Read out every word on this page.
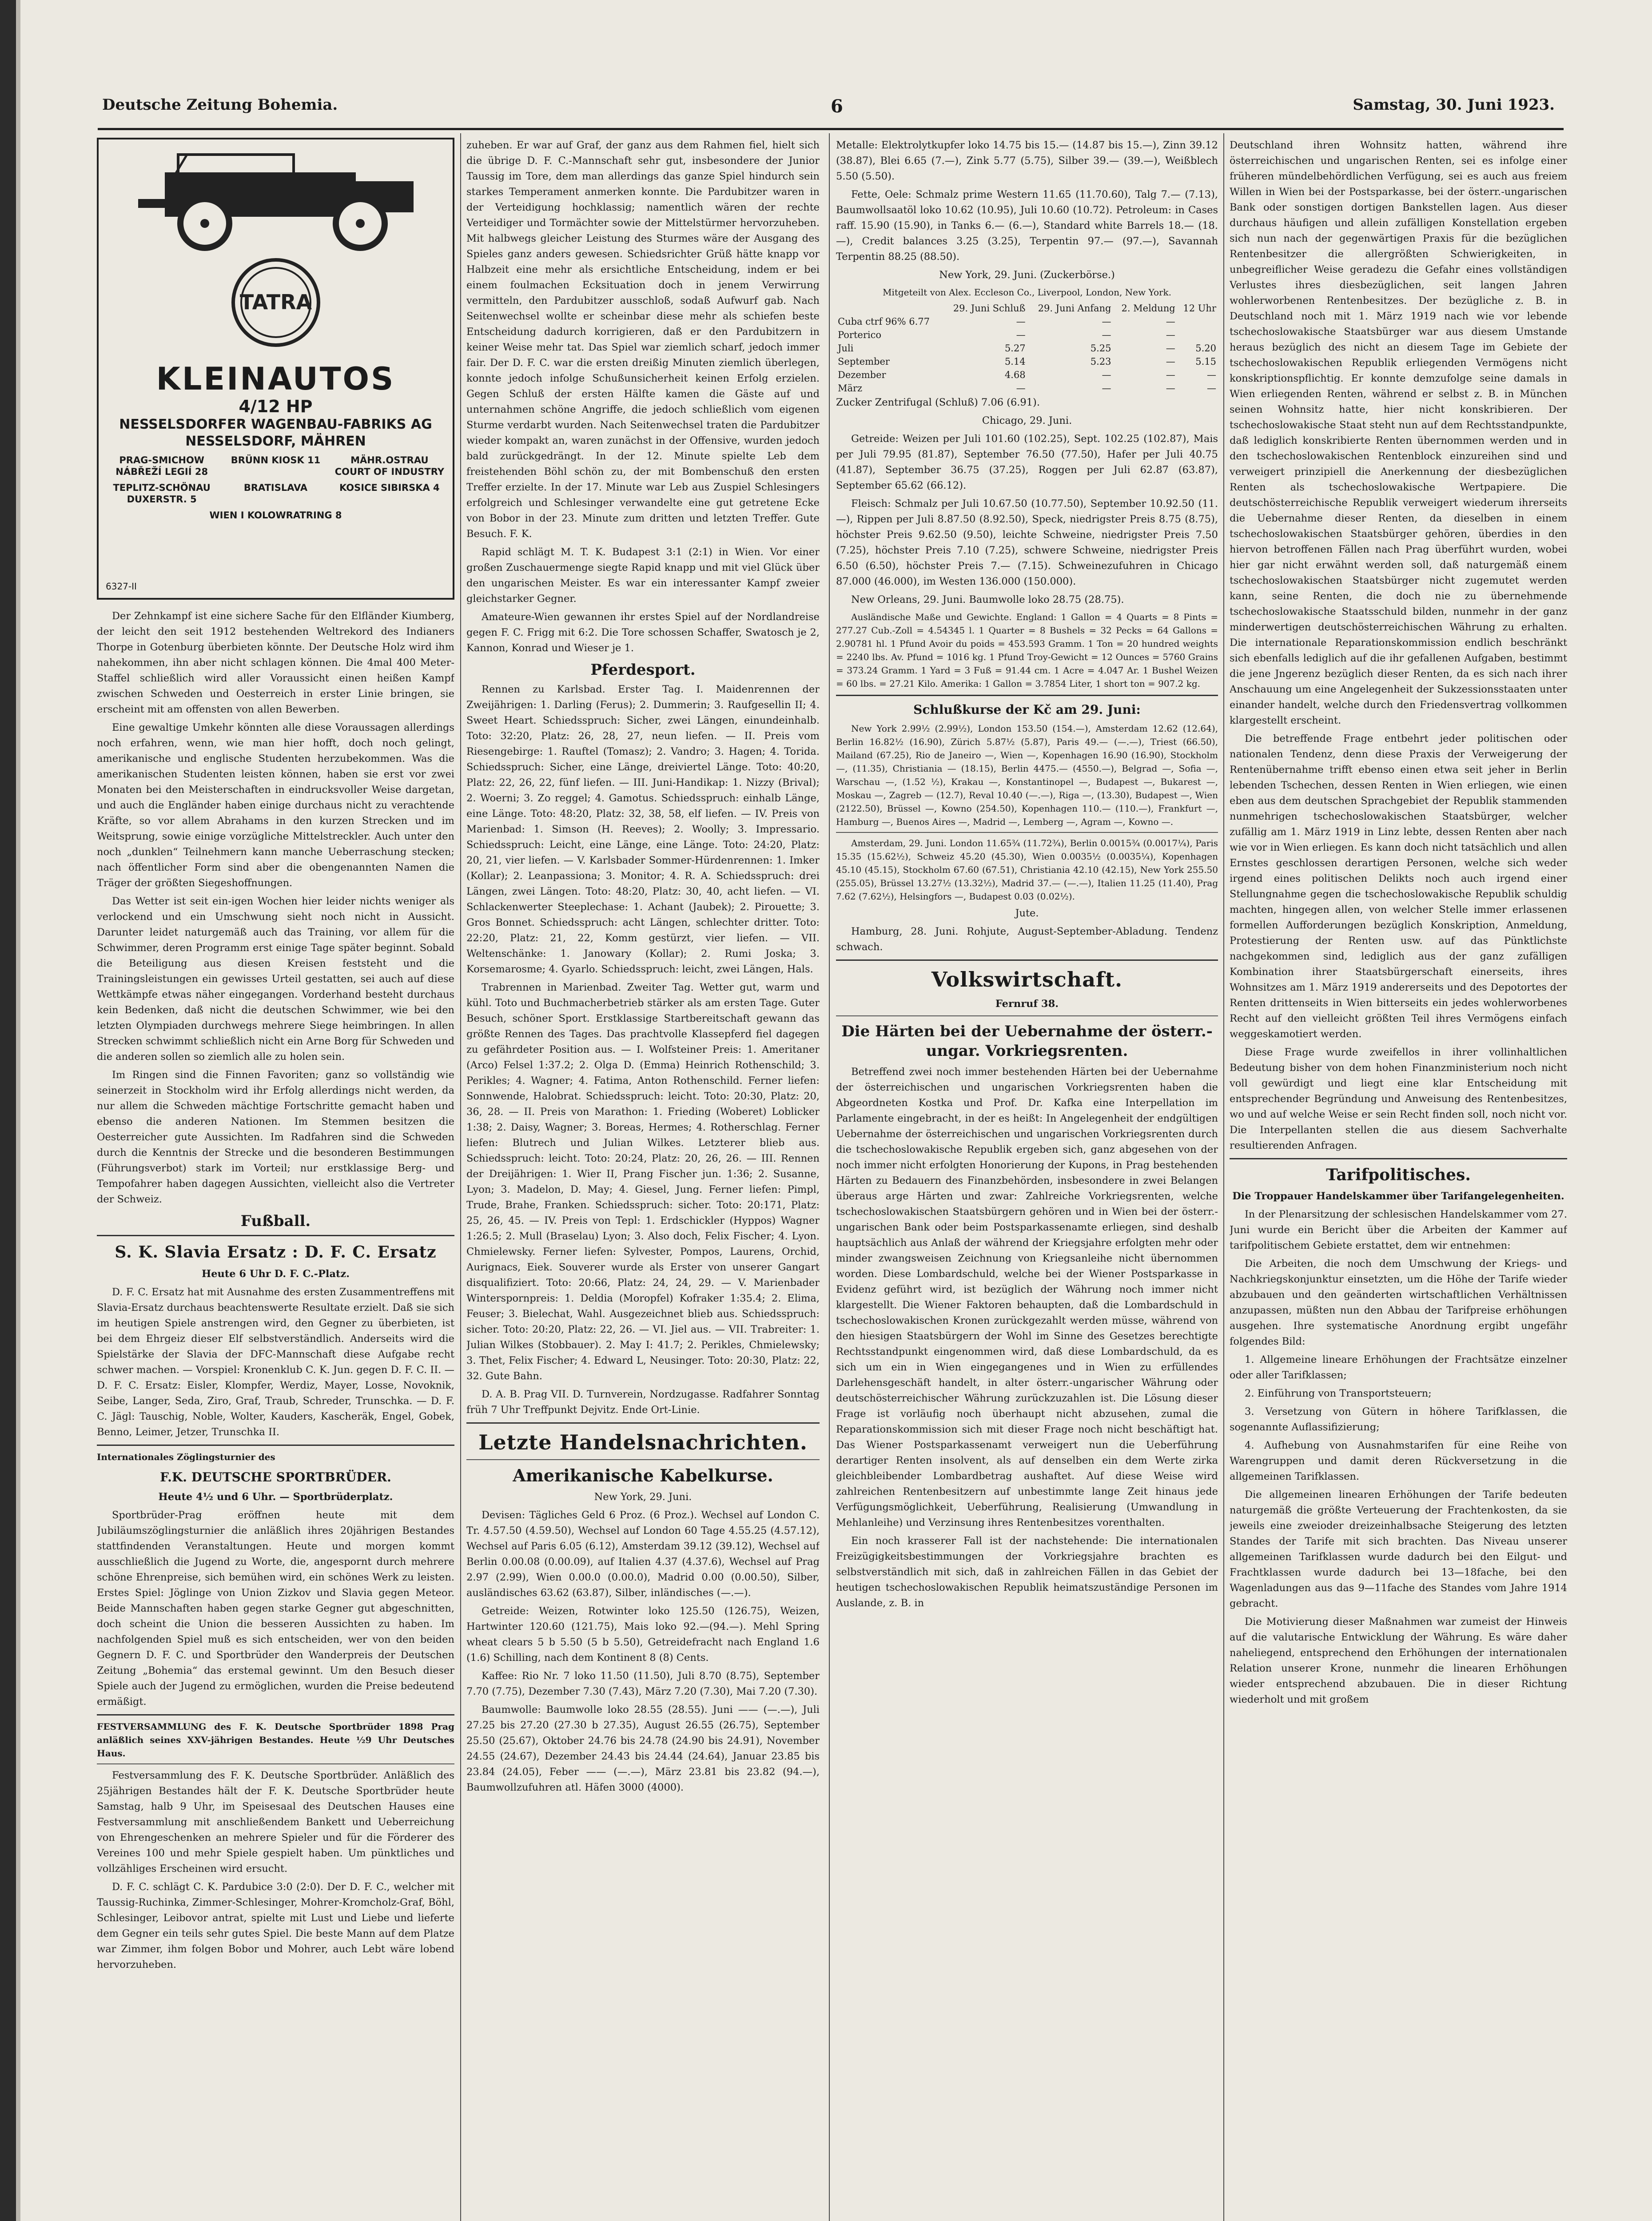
Deutsche Zeitung Bohemia.	6	Samstag, 30. Juni 1923.
TATRA
KLEINAUTOS
4/12 HP
NESSELSDORFER WAGENBAU-FABRIKS AG
NESSELSDORF, MÄHREN
PRAG-SMICHOW NÁBŘEŽÍ LEGIÍ 28
BRÜNN KIOSK 11	MÄHR.OSTRAU COURT OF INDUSTRY
TEPLITZ-SCHÖNAU DUXERSTR. 5
BRATISLAVA	KOSICE SIBIRSKA 4
WIEN I KOLOWRATRING 8
6327-II

Der Zehnkampf ist eine sichere Sache für den Elfländer Kiumberg, der leicht den seit 1912 bestehenden Weltrekord des Indianers Thorpe in Gotenburg überbieten könnte. Der Deutsche Holz wird ihm nahekommen, ihn aber nicht schlagen können. Die 4mal 400 Meter-Staffel schließlich wird aller Voraussicht einen heißen Kampf zwischen Schweden und Oesterreich in erster Linie bringen, sie erscheint mit am offensten von allen Bewerben.

Eine gewaltige Umkehr könnten alle diese Voraussagen allerdings noch erfahren, wenn, wie man hier hofft, doch noch gelingt, amerikanische und englische Studenten herzubekommen. Was die amerikanischen Studenten leisten können, haben sie erst vor zwei Monaten bei den Meisterschaften in eindrucksvoller Weise dargetan, und auch die Engländer haben einige durchaus nicht zu verachtende Kräfte, so vor allem Abrahams in den kurzen Strecken und im Weitsprung, sowie einige vorzügliche Mittelstreckler. Auch unter den noch „dunklen“ Teilnehmern kann manche Ueberraschung stecken; nach öffentlicher Form sind aber die obengenannten Namen die Träger der größten Siegeshoffnungen.

Das Wetter ist seit ein-igen Wochen hier leider nichts weniger als verlockend und ein Umschwung sieht noch nicht in Aussicht. Darunter leidet naturgemäß auch das Training, vor allem für die Schwimmer, deren Programm erst einige Tage später beginnt. Sobald die Beteiligung aus diesen Kreisen feststeht und die Trainingsleistungen ein gewisses Urteil gestatten, sei auch auf diese Wettkämpfe etwas näher eingegangen. Vorderhand besteht durchaus kein Bedenken, daß nicht die deutschen Schwimmer, wie bei den letzten Olympiaden durchwegs mehrere Siege heimbringen. In allen Strecken schwimmt schließlich nicht ein Arne Borg für Schweden und die anderen sollen so ziemlich alle zu holen sein.

Im Ringen sind die Finnen Favoriten; ganz so vollständig wie seinerzeit in Stockholm wird ihr Erfolg allerdings nicht werden, da nur allem die Schweden mächtige Fortschritte gemacht haben und ebenso die anderen Nationen. Im Stemmen besitzen die Oesterreicher gute Aussichten. Im Radfahren sind die Schweden durch die Kenntnis der Strecke und die besonderen Bestimmungen (Führungsverbot) stark im Vorteil; nur erstklassige Berg- und Tempofahrer haben dagegen Aussichten, vielleicht also die Vertreter der Schweiz.

Fußball.
S. K. Slavia Ersatz : D. F. C. Ersatz

Heute 6 Uhr D. F. C.-Platz.

D. F. C. Ersatz hat mit Ausnahme des ersten Zusammentreffens mit Slavia-Ersatz durchaus beachtenswerte Resultate erzielt. Daß sie sich im heutigen Spiele anstrengen wird, den Gegner zu überbieten, ist bei dem Ehrgeiz dieser Elf selbstverständlich. Anderseits wird die Spielstärke der Slavia der DFC-Mannschaft diese Aufgabe recht schwer machen. — Vorspiel: Kronenklub C. K. Jun. gegen D. F. C. II. — D. F. C. Ersatz: Eisler, Klompfer, Werdiz, Mayer, Losse, Novoknik, Seibe, Langer, Seda, Ziro, Graf, Traub, Schreder, Trunschka. — D. F. C. Jägl: Tauschig, Noble, Wolter, Kauders, Kascheräk, Engel, Gobek, Benno, Leimer, Jetzer, Trunschka II.

Internationales Zöglingsturnier des

F.K. DEUTSCHE SPORTBRÜDER.

Heute 4½ und 6 Uhr. — Sportbrüderplatz.

Sportbrüder-Prag eröffnen heute mit dem Jubiläumszöglingsturnier die anläßlich ihres 20jährigen Bestandes stattfindenden Veranstaltungen. Heute und morgen kommt ausschließlich die Jugend zu Worte, die, angespornt durch mehrere schöne Ehrenpreise, sich bemühen wird, ein schönes Werk zu leisten. Erstes Spiel: Jöglinge von Union Zizkov und Slavia gegen Meteor. Beide Mannschaften haben gegen starke Gegner gut abgeschnitten, doch scheint die Union die besseren Aussichten zu haben. Im nachfolgenden Spiel muß es sich entscheiden, wer von den beiden Gegnern D. F. C. und Sportbrüder den Wanderpreis der Deutschen Zeitung „Bohemia“ das erstemal gewinnt. Um den Besuch dieser Spiele auch der Jugend zu ermöglichen, wurden die Preise bedeutend ermäßigt.

FESTVERSAMMLUNG des F. K. Deutsche Sportbrüder 1898 Prag anläßlich seines XXV-jährigen Bestandes. Heute ½9 Uhr Deutsches Haus.

Festversammlung des F. K. Deutsche Sportbrüder. Anläßlich des 25jährigen Bestandes hält der F. K. Deutsche Sportbrüder heute Samstag, halb 9 Uhr, im Speisesaal des Deutschen Hauses eine Festversammlung mit anschließendem Bankett und Ueberreichung von Ehrengeschenken an mehrere Spieler und für die Förderer des Vereines 100 und mehr Spiele gespielt haben. Um pünktliches und vollzähliges Erscheinen wird ersucht.

D. F. C. schlägt C. K. Pardubice 3:0 (2:0). Der D. F. C., welcher mit Taussig-Ruchinka, Zimmer-Schlesinger, Mohrer-Kromcholz-Graf, Böhl, Schlesinger, Leibovor antrat, spielte mit Lust und Liebe und lieferte dem Gegner ein teils sehr gutes Spiel. Die beste Mann auf dem Platze war Zimmer, ihm folgen Bobor und Mohrer, auch Lebt wäre lobend hervorzuheben.

zuheben. Er war auf Graf, der ganz aus dem Rahmen fiel, hielt sich die übrige D. F. C.-Mannschaft sehr gut, insbesondere der Junior Taussig im Tore, dem man allerdings das ganze Spiel hindurch sein starkes Temperament anmerken konnte. Die Pardubitzer waren in der Verteidigung hochklassig; namentlich wären der rechte Verteidiger und Tormächter sowie der Mittelstürmer hervorzuheben. Mit halbwegs gleicher Leistung des Sturmes wäre der Ausgang des Spieles ganz anders gewesen. Schiedsrichter Grüß hätte knapp vor Halbzeit eine mehr als ersichtliche Entscheidung, indem er bei einem foulmachen Ecksituation doch in jenem Verwirrung vermitteln, den Pardubitzer ausschloß, sodaß Aufwurf gab. Nach Seitenwechsel wollte er scheinbar diese mehr als schiefen beste Entscheidung dadurch korrigieren, daß er den Pardubitzern in keiner Weise mehr tat. Das Spiel war ziemlich scharf, jedoch immer fair. Der D. F. C. war die ersten dreißig Minuten ziemlich überlegen, konnte jedoch infolge Schußunsicherheit keinen Erfolg erzielen. Gegen Schluß der ersten Hälfte kamen die Gäste auf und unternahmen schöne Angriffe, die jedoch schließlich vom eigenen Sturme verdarbt wurden. Nach Seitenwechsel traten die Pardubitzer wieder kompakt an, waren zunächst in der Offensive, wurden jedoch bald zurückgedrängt. In der 12. Minute spielte Leb dem freistehenden Böhl schön zu, der mit Bombenschuß den ersten Treffer erzielte. In der 17. Minute war Leb aus Zuspiel Schlesingers erfolgreich und Schlesinger verwandelte eine gut getretene Ecke von Bobor in der 23. Minute zum dritten und letzten Treffer. Gute Besuch. F. K.

Rapid schlägt M. T. K. Budapest 3:1 (2:1) in Wien. Vor einer großen Zuschauermenge siegte Rapid knapp und mit viel Glück über den ungarischen Meister. Es war ein interessanter Kampf zweier gleichstarker Gegner.

Amateure-Wien gewannen ihr erstes Spiel auf der Nordlandreise gegen F. C. Frigg mit 6:2. Die Tore schossen Schaffer, Swatosch je 2, Kannon, Konrad und Wieser je 1.

Pferdesport.

Rennen zu Karlsbad. Erster Tag. I. Maidenrennen der Zweijährigen: 1. Darling (Ferus); 2. Dummerin; 3. Raufgesellin II; 4. Sweet Heart. Schiedsspruch: Sicher, zwei Längen, einundeinhalb. Toto: 32:20, Platz: 26, 28, 27, neun liefen. — II. Preis vom Riesengebirge: 1. Rauftel (Tomasz); 2. Vandro; 3. Hagen; 4. Torida. Schiedsspruch: Sicher, eine Länge, dreiviertel Länge. Toto: 40:20, Platz: 22, 26, 22, fünf liefen. — III. Juni-Handikap: 1. Nizzy (Brival); 2. Woerni; 3. Zo reggel; 4. Gamotus. Schiedsspruch: einhalb Länge, eine Länge. Toto: 48:20, Platz: 32, 38, 58, elf liefen. — IV. Preis von Marienbad: 1. Simson (H. Reeves); 2. Woolly; 3. Impressario. Schiedsspruch: Leicht, eine Länge, eine Länge. Toto: 24:20, Platz: 20, 21, vier liefen. — V. Karlsbader Sommer-Hürdenrennen: 1. Imker (Kollar); 2. Leanpassiona; 3. Monitor; 4. R. A. Schiedsspruch: drei Längen, zwei Längen. Toto: 48:20, Platz: 30, 40, acht liefen. — VI. Schlackenwerter Steeplechase: 1. Achant (Jaubek); 2. Pirouette; 3. Gros Bonnet. Schiedsspruch: acht Längen, schlechter dritter. Toto: 22:20, Platz: 21, 22, Komm gestürzt, vier liefen. — VII. Weltenschänke: 1. Janowary (Kollar); 2. Rumi Joska; 3. Korsemarosme; 4. Gyarlo. Schiedsspruch: leicht, zwei Längen, Hals.

Trabrennen in Marienbad. Zweiter Tag. Wetter gut, warm und kühl. Toto und Buchmacherbetrieb stärker als am ersten Tage. Guter Besuch, schöner Sport. Erstklassige Startbereitschaft gewann das größte Rennen des Tages. Das prachtvolle Klassepferd fiel dagegen zu gefährdeter Position aus. — I. Wolfsteiner Preis: 1. Ameritaner (Arco) Felsel 1:37.2; 2. Olga D. (Emma) Heinrich Rothenschild; 3. Perikles; 4. Wagner; 4. Fatima, Anton Rothenschild. Ferner liefen: Sonnwende, Halobrat. Schiedsspruch: leicht. Toto: 20:30, Platz: 20, 36, 28. — II. Preis von Marathon: 1. Frieding (Woberet) Loblicker 1:38; 2. Daisy, Wagner; 3. Boreas, Hermes; 4. Rotherschlag. Ferner liefen: Blutrech und Julian Wilkes. Letzterer blieb aus. Schiedsspruch: leicht. Toto: 20:24, Platz: 20, 26, 26. — III. Rennen der Dreijährigen: 1. Wier II, Prang Fischer jun. 1:36; 2. Susanne, Lyon; 3. Madelon, D. May; 4. Giesel, Jung. Ferner liefen: Pimpl, Trude, Brahe, Franken. Schiedsspruch: sicher. Toto: 20:171, Platz: 25, 26, 45. — IV. Preis von Tepl: 1. Erdschickler (Hyppos) Wagner 1:26.5; 2. Mull (Braselau) Lyon; 3. Also doch, Felix Fischer; 4. Lyon. Chmielewsky. Ferner liefen: Sylvester, Pompos, Laurens, Orchid, Aurignacs, Eiek. Souverer wurde als Erster von unserer Gangart disqualifiziert. Toto: 20:66, Platz: 24, 24, 29. — V. Marienbader Winterspornpreis: 1. Deldia (Moropfel) Kofraker 1:35.4; 2. Elima, Feuser; 3. Bielechat, Wahl. Ausgezeichnet blieb aus. Schiedsspruch: sicher. Toto: 20:20, Platz: 22, 26. — VI. Jiel aus. — VII. Trabreiter: 1. Julian Wilkes (Stobbauer). 2. May I: 41.7; 2. Perikles, Chmielewsky; 3. Thet, Felix Fischer; 4. Edward L, Neusinger. Toto: 20:30, Platz: 22, 32. Gute Bahn.

D. A. B. Prag VII. D. Turnverein, Nordzugasse. Radfahrer Sonntag früh 7 Uhr Treffpunkt Dejvitz. Ende Ort-Linie.

Letzte Handelsnachrichten.
Amerikanische Kabelkurse.

New York, 29. Juni.

Devisen: Tägliches Geld 6 Proz. (6 Proz.). Wechsel auf London C. Tr. 4.57.50 (4.59.50), Wechsel auf London 60 Tage 4.55.25 (4.57.12), Wechsel auf Paris 6.05 (6.12), Amsterdam 39.12 (39.12), Wechsel auf Berlin 0.00.08 (0.00.09), auf Italien 4.37 (4.37.6), Wechsel auf Prag 2.97 (2.99), Wien 0.00.0 (0.00.0), Madrid 0.00 (0.00.50), Silber, ausländisches 63.62 (63.87), Silber, inländisches (—.—).

Getreide: Weizen, Rotwinter loko 125.50 (126.75), Weizen, Hartwinter 120.60 (121.75), Mais loko 92.—(94.—). Mehl Spring wheat clears 5 b 5.50 (5 b 5.50), Getreidefracht nach England 1.6 (1.6) Schilling, nach dem Kontinent 8 (8) Cents.

Kaffee: Rio Nr. 7 loko 11.50 (11.50), Juli 8.70 (8.75), September 7.70 (7.75), Dezember 7.30 (7.43), März 7.20 (7.30), Mai 7.20 (7.30).

Baumwolle: Baumwolle loko 28.55 (28.55). Juni —— (—.—), Juli 27.25 bis 27.20 (27.30 b 27.35), August 26.55 (26.75), September 25.50 (25.67), Oktober 24.76 bis 24.78 (24.90 bis 24.91), November 24.55 (24.67), Dezember 24.43 bis 24.44 (24.64), Januar 23.85 bis 23.84 (24.05), Feber —— (—.—), März 23.81 bis 23.82 (94.—), Baumwollzufuhren atl. Häfen 3000 (4000).

Metalle: Elektrolytkupfer loko 14.75 bis 15.— (14.87 bis 15.—), Zinn 39.12 (38.87), Blei 6.65 (7.—), Zink 5.77 (5.75), Silber 39.— (39.—), Weißblech 5.50 (5.50).

Fette, Oele: Schmalz prime Western 11.65 (11.70.60), Talg 7.— (7.13), Baumwollsaatöl loko 10.62 (10.95), Juli 10.60 (10.72). Petroleum: in Cases raff. 15.90 (15.90), in Tanks 6.— (6.—), Standard white Barrels 18.— (18.—), Credit balances 3.25 (3.25), Terpentin 97.— (97.—), Savannah Terpentin 88.25 (88.50).

New York, 29. Juni. (Zuckerbörse.)

Mitgeteilt von Alex. Eccleson Co., Liverpool, London, New York.

	29. Juni Schluß	29. Juni Anfang	2. Meldung	12 Uhr
Cuba ctrf 96% 6.77	—	—	—	
Porterico	—	—	—	
Juli	5.27	5.25	—	5.20
September	5.14	5.23	—	5.15
Dezember	4.68	—	—	—
März	—	—	—	—

Zucker Zentrifugal (Schluß) 7.06 (6.91).

Chicago, 29. Juni.

Getreide: Weizen per Juli 101.60 (102.25), Sept. 102.25 (102.87), Mais per Juli 79.95 (81.87), September 76.50 (77.50), Hafer per Juli 40.75 (41.87), September 36.75 (37.25), Roggen per Juli 62.87 (63.87), September 65.62 (66.12).

Fleisch: Schmalz per Juli 10.67.50 (10.77.50), September 10.92.50 (11.—), Rippen per Juli 8.87.50 (8.92.50), Speck, niedrigster Preis 8.75 (8.75), höchster Preis 9.62.50 (9.50), leichte Schweine, niedrigster Preis 7.50 (7.25), höchster Preis 7.10 (7.25), schwere Schweine, niedrigster Preis 6.50 (6.50), höchster Preis 7.— (7.15). Schweinezufuhren in Chicago 87.000 (46.000), im Westen 136.000 (150.000).

New Orleans, 29. Juni. Baumwolle loko 28.75 (28.75).

Ausländische Maße und Gewichte. England: 1 Gallon = 4 Quarts = 8 Pints = 277.27 Cub.-Zoll = 4.54345 l. 1 Quarter = 8 Bushels = 32 Pecks = 64 Gallons = 2.90781 hl. 1 Pfund Avoir du poids = 453.593 Gramm. 1 Ton = 20 hundred weights = 2240 lbs. Av. Pfund = 1016 kg. 1 Pfund Troy-Gewicht = 12 Ounces = 5760 Grains = 373.24 Gramm. 1 Yard = 3 Fuß = 91.44 cm. 1 Acre = 4.047 Ar. 1 Bushel Weizen = 60 lbs. = 27.21 Kilo. Amerika: 1 Gallon = 3.7854 Liter, 1 short ton = 907.2 kg.

Schlußkurse der Kč am 29. Juni:

New York 2.99½ (2.99½), London 153.50 (154.—), Amsterdam 12.62 (12.64), Berlin 16.82½ (16.90), Zürich 5.87½ (5.87), Paris 49.— (—.—), Triest (66.50), Mailand (67.25), Rio de Janeiro —, Wien —, Kopenhagen 16.90 (16.90), Stockholm —, (11.35), Christiania — (18.15), Berlin 4475.— (4550.—), Belgrad —, Sofia —, Warschau —, (1.52 ½), Krakau —, Konstantinopel —, Budapest —, Bukarest —, Moskau —, Zagreb — (12.7), Reval 10.40 (—.—), Riga —, (13.30), Budapest —, Wien (2122.50), Brüssel —, Kowno (254.50), Kopenhagen 110.— (110.—), Frankfurt —, Hamburg —, Buenos Aires —, Madrid —, Lemberg —, Agram —, Kowno —.

Amsterdam, 29. Juni. London 11.65¾ (11.72¾), Berlin 0.0015¾ (0.0017¼), Paris 15.35 (15.62½), Schweiz 45.20 (45.30), Wien 0.0035½ (0.0035¼), Kopenhagen 45.10 (45.15), Stockholm 67.60 (67.51), Christiania 42.10 (42.15), New York 255.50 (255.05), Brüssel 13.27½ (13.32½), Madrid 37.— (—.—), Italien 11.25 (11.40), Prag 7.62 (7.62½), Helsingfors —, Budapest 0.03 (0.02½).

Jute.

Hamburg, 28. Juni. Rohjute, August-September-Abladung. Tendenz schwach.

Volkswirtschaft.

Fernruf 38.

Die Härten bei der Uebernahme der österr.-ungar. Vorkriegsrenten.

Betreffend zwei noch immer bestehenden Härten bei der Uebernahme der österreichischen und ungarischen Vorkriegsrenten haben die Abgeordneten Kostka und Prof. Dr. Kafka eine Interpellation im Parlamente eingebracht, in der es heißt: In Angelegenheit der endgültigen Uebernahme der österreichischen und ungarischen Vorkriegsrenten durch die tschechoslowakische Republik ergeben sich, ganz abgesehen von der noch immer nicht erfolgten Honorierung der Kupons, in Prag bestehenden Härten zu Bedauern des Finanzbehörden, insbesondere in zwei Belangen überaus arge Härten und zwar: Zahlreiche Vorkriegsrenten, welche tschechoslowakischen Staatsbürgern gehören und in Wien bei der österr.-ungarischen Bank oder beim Postsparkassenamte erliegen, sind deshalb hauptsächlich aus Anlaß der während der Kriegsjahre erfolgten mehr oder minder zwangsweisen Zeichnung von Kriegsanleihe nicht übernommen worden. Diese Lombardschuld, welche bei der Wiener Postsparkasse in Evidenz geführt wird, ist bezüglich der Währung noch immer nicht klargestellt. Die Wiener Faktoren behaupten, daß die Lombardschuld in tschechoslowakischen Kronen zurückgezahlt werden müsse, während von den hiesigen Staatsbürgern der Wohl im Sinne des Gesetzes berechtigte Rechtsstandpunkt eingenommen wird, daß diese Lombardschuld, da es sich um ein in Wien eingegangenes und in Wien zu erfüllendes Darlehensgeschäft handelt, in alter österr.-ungarischer Währung oder deutschösterreichischer Währung zurückzuzahlen ist. Die Lösung dieser Frage ist vorläufig noch überhaupt nicht abzusehen, zumal die Reparationskommission sich mit dieser Frage noch nicht beschäftigt hat. Das Wiener Postsparkassenamt verweigert nun die Ueberführung derartiger Renten insolvent, als auf denselben ein dem Werte zirka gleichbleibender Lombardbetrag aushaftet. Auf diese Weise wird zahlreichen Rentenbesitzern auf unbestimmte lange Zeit hinaus jede Verfügungsmöglichkeit, Ueberführung, Realisierung (Umwandlung in Mehlanleihe) und Verzinsung ihres Rentenbesitzes vorenthalten.

Ein noch krasserer Fall ist der nachstehende: Die internationalen Freizügigkeitsbestimmungen der Vorkriegsjahre brachten es selbstverständlich mit sich, daß in zahlreichen Fällen in das Gebiet der heutigen tschechoslowakischen Republik heimatszuständige Personen im Auslande, z. B. in

Deutschland ihren Wohnsitz hatten, während ihre österreichischen und ungarischen Renten, sei es infolge einer früheren mündelbehördlichen Verfügung, sei es auch aus freiem Willen in Wien bei der Postsparkasse, bei der österr.-ungarischen Bank oder sonstigen dortigen Bankstellen lagen. Aus dieser durchaus häufigen und allein zufälligen Konstellation ergeben sich nun nach der gegenwärtigen Praxis für die bezüglichen Rentenbesitzer die allergrößten Schwierigkeiten, in unbegreiflicher Weise geradezu die Gefahr eines vollständigen Verlustes ihres diesbezüglichen, seit langen Jahren wohlerworbenen Rentenbesitzes. Der bezügliche z. B. in Deutschland noch mit 1. März 1919 nach wie vor lebende tschechoslowakische Staatsbürger war aus diesem Umstande heraus bezüglich des nicht an diesem Tage im Gebiete der tschechoslowakischen Republik erliegenden Vermögens nicht konskriptionspflichtig. Er konnte demzufolge seine damals in Wien erliegenden Renten, während er selbst z. B. in München seinen Wohnsitz hatte, hier nicht konskribieren. Der tschechoslowakische Staat steht nun auf dem Rechtsstandpunkte, daß lediglich konskribierte Renten übernommen werden und in den tschechoslowakischen Rentenblock einzureihen sind und verweigert prinzipiell die Anerkennung der diesbezüglichen Renten als tschechoslowakische Wertpapiere. Die deutschösterreichische Republik verweigert wiederum ihrerseits die Uebernahme dieser Renten, da dieselben in einem tschechoslowakischen Staatsbürger gehören, überdies in den hiervon betroffenen Fällen nach Prag überführt wurden, wobei hier gar nicht erwähnt werden soll, daß naturgemäß einem tschechoslowakischen Staatsbürger nicht zugemutet werden kann, seine Renten, die doch nie zu übernehmende tschechoslowakische Staatsschuld bilden, nunmehr in der ganz minderwertigen deutschösterreichischen Währung zu erhalten. Die internationale Reparationskommission endlich beschränkt sich ebenfalls lediglich auf die ihr gefallenen Aufgaben, bestimmt die jene Jngerenz bezüglich dieser Renten, da es sich nach ihrer Anschauung um eine Angelegenheit der Sukzessionsstaaten unter einander handelt, welche durch den Friedensvertrag vollkommen klargestellt erscheint.

Die betreffende Frage entbehrt jeder politischen oder nationalen Tendenz, denn diese Praxis der Verweigerung der Rentenübernahme trifft ebenso einen etwa seit jeher in Berlin lebenden Tschechen, dessen Renten in Wien erliegen, wie einen eben aus dem deutschen Sprachgebiet der Republik stammenden nunmehrigen tschechoslowakischen Staatsbürger, welcher zufällig am 1. März 1919 in Linz lebte, dessen Renten aber nach wie vor in Wien erliegen. Es kann doch nicht tatsächlich und allen Ernstes geschlossen derartigen Personen, welche sich weder irgend eines politischen Delikts noch auch irgend einer Stellungnahme gegen die tschechoslowakische Republik schuldig machten, hingegen allen, von welcher Stelle immer erlassenen formellen Aufforderungen bezüglich Konskription, Anmeldung, Protestierung der Renten usw. auf das Pünktlichste nachgekommen sind, lediglich aus der ganz zufälligen Kombination ihrer Staatsbürgerschaft einerseits, ihres Wohnsitzes am 1. März 1919 andererseits und des Depotortes der Renten drittenseits in Wien bitterseits ein jedes wohlerworbenes Recht auf den vielleicht größten Teil ihres Vermögens einfach weggeskamotiert werden.

Diese Frage wurde zweifellos in ihrer vollinhaltlichen Bedeutung bisher von dem hohen Finanzministerium noch nicht voll gewürdigt und liegt eine klar Entscheidung mit entsprechender Begründung und Anweisung des Rentenbesitzes, wo und auf welche Weise er sein Recht finden soll, noch nicht vor. Die Interpellanten stellen die aus diesem Sachverhalte resultierenden Anfragen.

Tarifpolitisches.

Die Troppauer Handelskammer über Tarifangelegenheiten.

In der Plenarsitzung der schlesischen Handelskammer vom 27. Juni wurde ein Bericht über die Arbeiten der Kammer auf tarifpolitischem Gebiete erstattet, dem wir entnehmen:

Die Arbeiten, die noch dem Umschwung der Kriegs- und Nachkriegskonjunktur einsetzten, um die Höhe der Tarife wieder abzubauen und den geänderten wirtschaftlichen Verhältnissen anzupassen, müßten nun den Abbau der Tarifpreise erhöhungen ausgehen. Ihre systematische Anordnung ergibt ungefähr folgendes Bild:

1. Allgemeine lineare Erhöhungen der Frachtsätze einzelner oder aller Tarifklassen;

2. Einführung von Transportsteuern;

3. Versetzung von Gütern in höhere Tarifklassen, die sogenannte Auflassifizierung;

4. Aufhebung von Ausnahmstarifen für eine Reihe von Warengruppen und damit deren Rückversetzung in die allgemeinen Tarifklassen.

Die allgemeinen linearen Erhöhungen der Tarife bedeuten naturgemäß die größte Verteuerung der Frachtenkosten, da sie jeweils eine zweioder dreizeinhalbsache Steigerung des letzten Standes der Tarife mit sich brachten. Das Niveau unserer allgemeinen Tarifklassen wurde dadurch bei den Eilgut- und Frachtklassen wurde dadurch bei 13—18fache, bei den Wagenladungen aus das 9—11fache des Standes vom Jahre 1914 gebracht.

Die Motivierung dieser Maßnahmen war zumeist der Hinweis auf die valutarische Entwicklung der Währung. Es wäre daher naheliegend, entsprechend den Erhöhungen der internationalen Relation unserer Krone, nunmehr die linearen Erhöhungen wieder entsprechend abzubauen. Die in dieser Richtung wiederholt und mit großem
